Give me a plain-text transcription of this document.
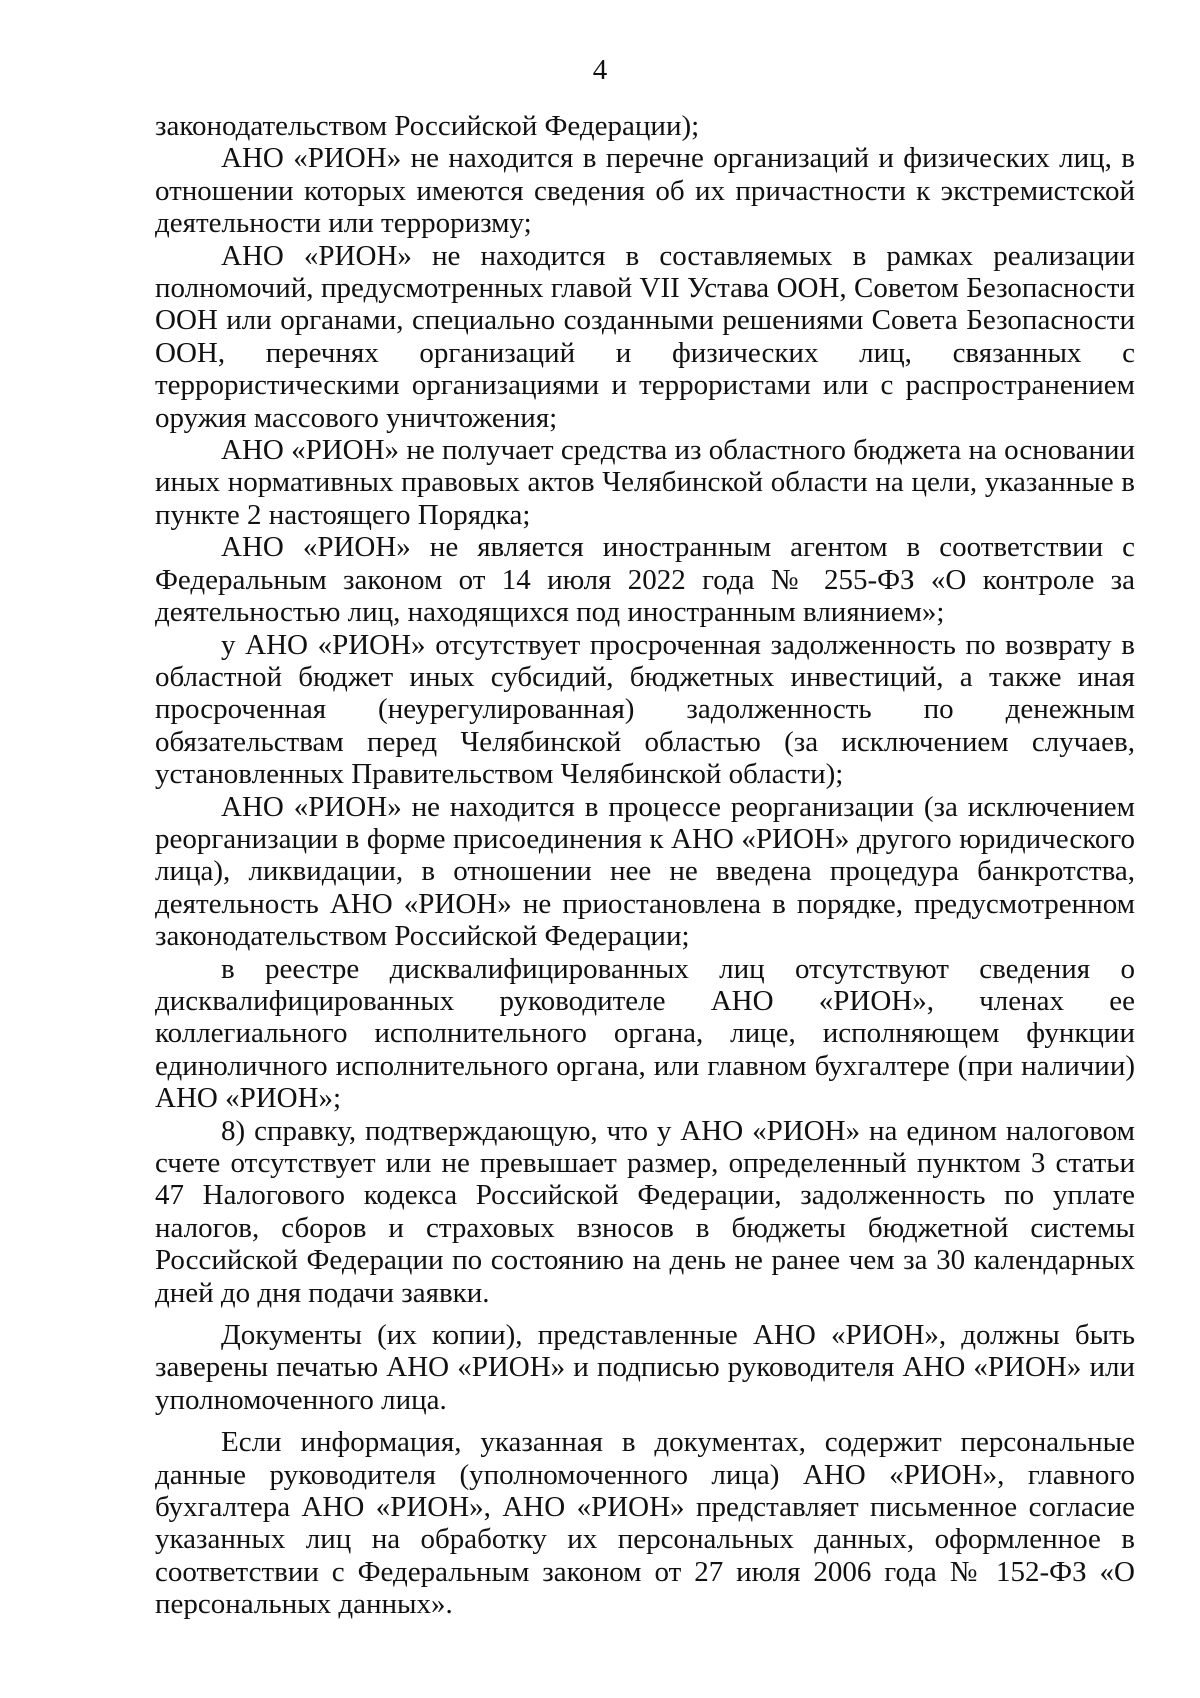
4

законодательством Российской Федерации);

АНО «РИОН» не находится в перечне организаций и физических лиц, в отношении которых имеются сведения об их причастности к экстремистской деятельности или терроризму;

АНО «РИОН» не находится в составляемых в рамках реализации полномочий, предусмотренных главой VII Устава ООН, Советом Безопасности ООН или органами, специально созданными решениями Совета Безопасности ООН, перечнях организаций и физических лиц, связанных с террористическими организациями и террористами или с распространением оружия массового уничтожения;

АНО «РИОН» не получает средства из областного бюджета на основании иных нормативных правовых актов Челябинской области на цели, указанные в пункте 2 настоящего Порядка;

АНО «РИОН» не является иностранным агентом в соответствии с Федеральным законом от 14 июля 2022 года № 255-ФЗ «О контроле за деятельностью лиц, находящихся под иностранным влиянием»;

у АНО «РИОН» отсутствует просроченная задолженность по возврату в областной бюджет иных субсидий, бюджетных инвестиций, а также иная просроченная (неурегулированная) задолженность по денежным обязательствам перед Челябинской областью (за исключением случаев, установленных Правительством Челябинской области);

АНО «РИОН» не находится в процессе реорганизации (за исключением реорганизации в форме присоединения к АНО «РИОН» другого юридического лица), ликвидации, в отношении нее не введена процедура банкротства, деятельность АНО «РИОН» не приостановлена в порядке, предусмотренном законодательством Российской Федерации;

в реестре дисквалифицированных лиц отсутствуют сведения о дисквалифицированных руководителе АНО «РИОН», членах ее коллегиального исполнительного органа, лице, исполняющем функции единоличного исполнительного органа, или главном бухгалтере (при наличии) АНО «РИОН»;

8) справку, подтверждающую, что у АНО «РИОН» на едином налоговом счете отсутствует или не превышает размер, определенный пунктом 3 статьи 47 Налогового кодекса Российской Федерации, задолженность по уплате налогов, сборов и страховых взносов в бюджеты бюджетной системы Российской Федерации по состоянию на день не ранее чем за 30 календарных дней до дня подачи заявки.

Документы (их копии), представленные АНО «РИОН», должны быть заверены печатью АНО «РИОН» и подписью руководителя АНО «РИОН» или уполномоченного лица.

Если информация, указанная в документах, содержит персональные данные руководителя (уполномоченного лица) АНО «РИОН», главного бухгалтера АНО «РИОН», АНО «РИОН» представляет письменное согласие указанных лиц на обработку их персональных данных, оформленное в соответствии с Федеральным законом от 27 июля 2006 года № 152-ФЗ «О персональных данных».
